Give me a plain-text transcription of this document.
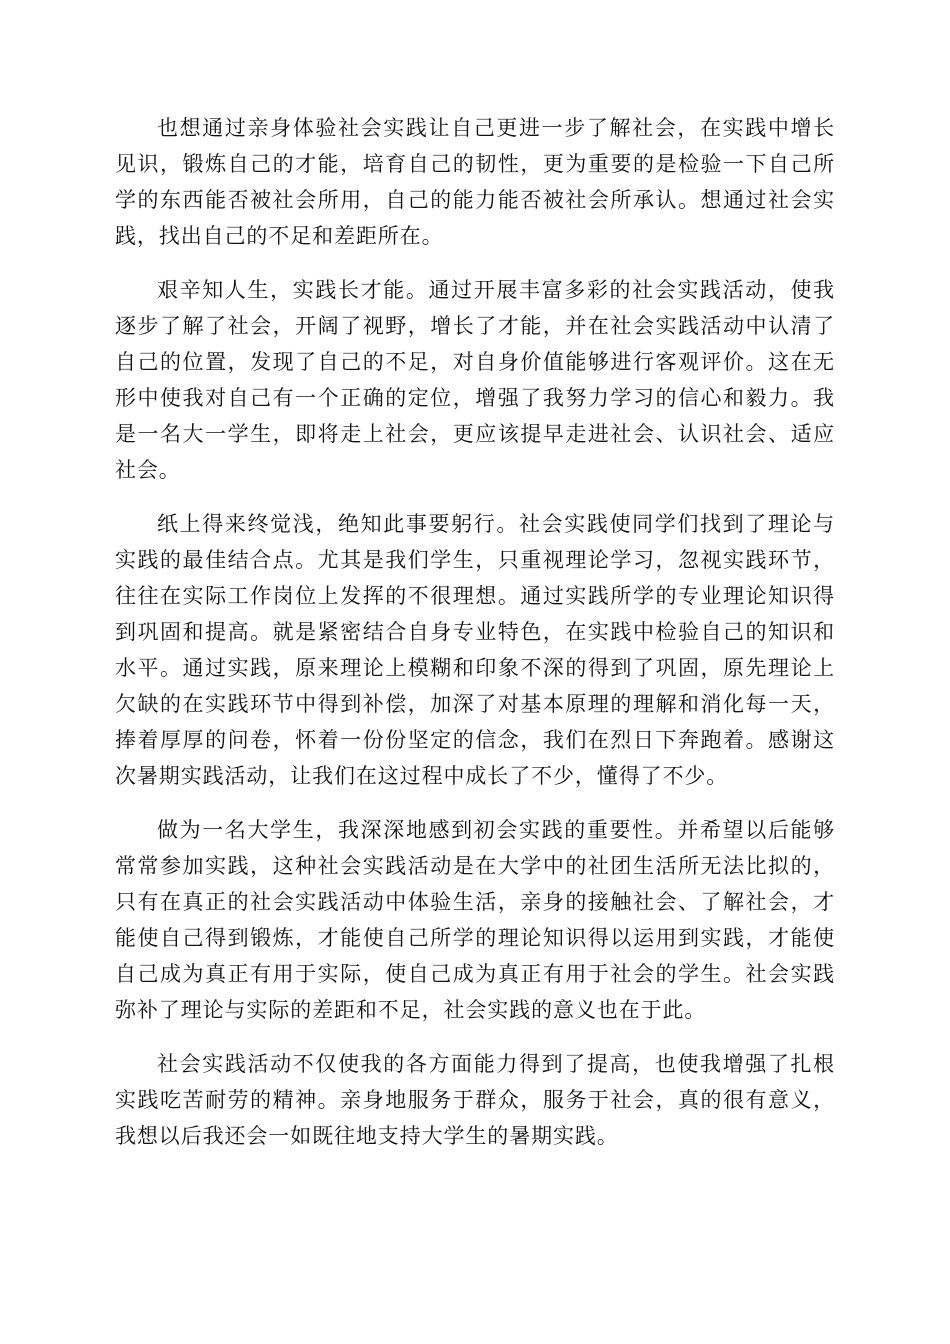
也想通过亲身体验社会实践让自己更进一步了解社会，在实践中增长见识，锻炼自己的才能，培育自己的韧性，更为重要的是检验一下自己所学的东西能否被社会所用，自己的能力能否被社会所承认。想通过社会实践，找出自己的不足和差距所在。

艰辛知人生，实践长才能。通过开展丰富多彩的社会实践活动，使我逐步了解了社会，开阔了视野，增长了才能，并在社会实践活动中认清了自己的位置，发现了自己的不足，对自身价值能够进行客观评价。这在无形中使我对自己有一个正确的定位，增强了我努力学习的信心和毅力。我是一名大一学生，即将走上社会，更应该提早走进社会、认识社会、适应社会。

纸上得来终觉浅，绝知此事要躬行。社会实践使同学们找到了理论与实践的最佳结合点。尤其是我们学生，只重视理论学习，忽视实践环节，往往在实际工作岗位上发挥的不很理想。通过实践所学的专业理论知识得到巩固和提高。就是紧密结合自身专业特色，在实践中检验自己的知识和水平。通过实践，原来理论上模糊和印象不深的得到了巩固，原先理论上欠缺的在实践环节中得到补偿，加深了对基本原理的理解和消化每一天，捧着厚厚的问卷，怀着一份份坚定的信念，我们在烈日下奔跑着。感谢这次暑期实践活动，让我们在这过程中成长了不少，懂得了不少。

做为一名大学生，我深深地感到初会实践的重要性。并希望以后能够常常参加实践，这种社会实践活动是在大学中的社团生活所无法比拟的，只有在真正的社会实践活动中体验生活，亲身的接触社会、了解社会，才能使自己得到锻炼，才能使自己所学的理论知识得以运用到实践，才能使自己成为真正有用于实际，使自己成为真正有用于社会的学生。社会实践弥补了理论与实际的差距和不足，社会实践的意义也在于此。

社会实践活动不仅使我的各方面能力得到了提高，也使我增强了扎根实践吃苦耐劳的精神。亲身地服务于群众，服务于社会，真的很有意义，我想以后我还会一如既往地支持大学生的暑期实践。
